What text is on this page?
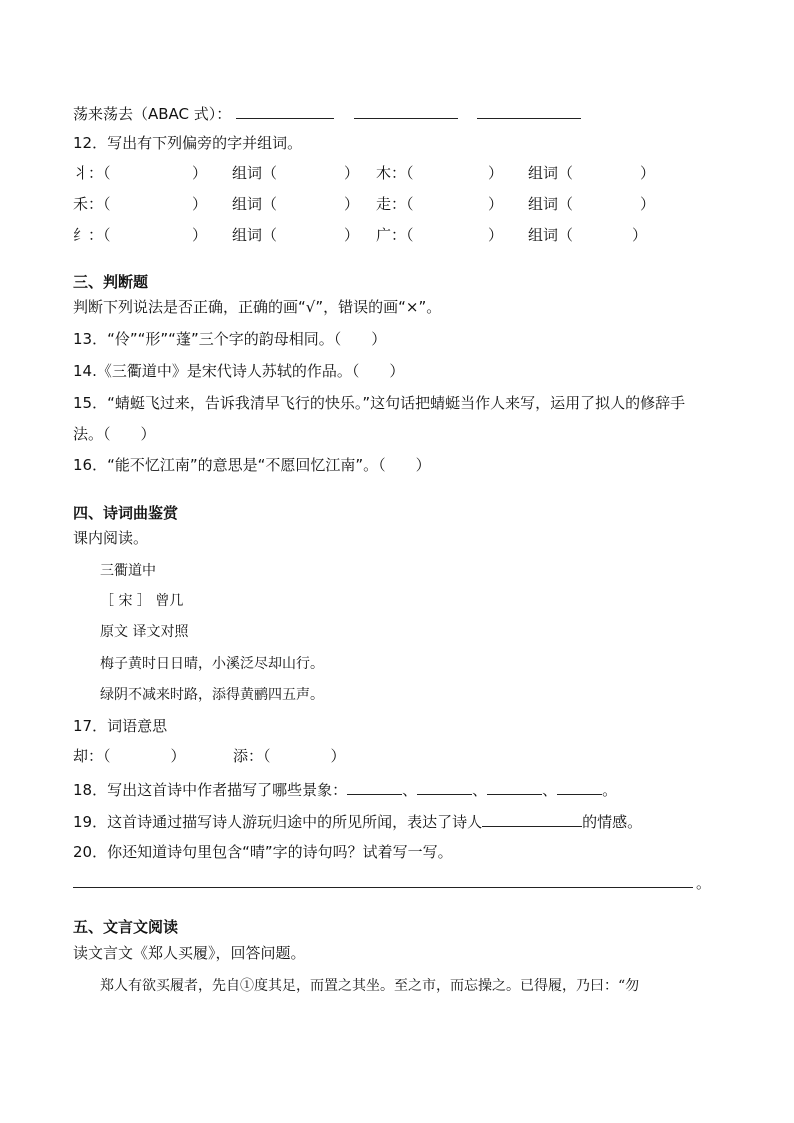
荡来荡去（ABAC 式）：
12．写出有下列偏旁的字并组词。
丬：（	） 组词（	） 木：（	） 组词（	）
禾：（	） 组词（	） 走：（	） 组词（	）
纟：（	） 组词（	） 广：（	） 组词（	）
三、判断题
判断下列说法是否正确，正确的画“√”，错误的画“×”。
13．“伶”“形”“蓬”三个字的韵母相同。（　　）
14.《三衢道中》是宋代诗人苏轼的作品。（　　）
15．“蜻蜓飞过来，告诉我清早飞行的快乐。”这句话把蜻蜓当作人来写，运用了拟人的修辞手
法。（　　）
16．“能不忆江南”的意思是“不愿回忆江南”。（　　）
四、诗词曲鉴赏
课内阅读。
三衢道中
［ 宋 ］ 曾几
原文 译文对照
梅子黄时日日晴，小溪泛尽却山行。
绿阴不减来时路，添得黄鹂四五声。
17．词语意思
却：（　　　　）	添：（　　　　）
18．写出这首诗中作者描写了哪些景象：	、	、	、	。
19．这首诗通过描写诗人游玩归途中的所见所闻，表达了诗人	的情感。
20．你还知道诗句里包含“晴”字的诗句吗？试着写一写。
。
五、文言文阅读
读文言文《郑人买履》，回答问题。
郑人有欲买履者，先自①度其足，而置之其坐。至之市，而忘操之。已得履，乃曰：“勿
